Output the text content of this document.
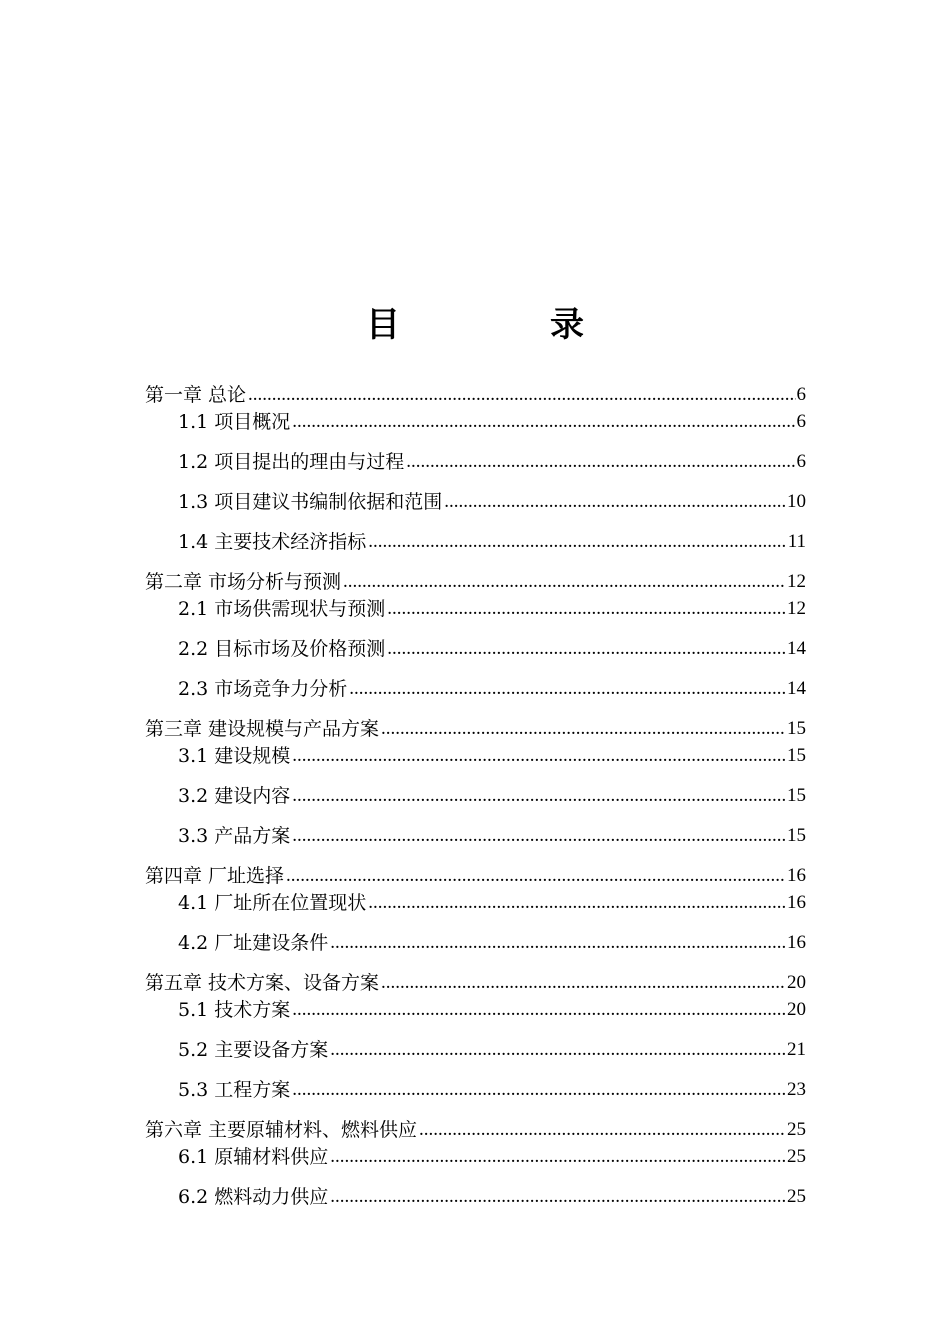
目　录
第一章 总论 .....	6
1.1 项目概况 .....	6
1.2 项目提出的理由与过程 .....	6
1.3 项目建议书编制依据和范围 .....	10
1.4 主要技术经济指标 .....	11
第二章 市场分析与预测 .....	12
2.1 市场供需现状与预测 .....	12
2.2 目标市场及价格预测 .....	14
2.3 市场竞争力分析 .....	14
第三章 建设规模与产品方案 .....	15
3.1 建设规模 .....	15
3.2 建设内容 .....	15
3.3 产品方案 .....	15
第四章 厂址选择 .....	16
4.1 厂址所在位置现状 .....	16
4.2 厂址建设条件 .....	16
第五章 技术方案、设备方案 .....	20
5.1 技术方案 .....	20
5.2 主要设备方案 .....	21
5.3 工程方案 .....	23
第六章 主要原辅材料、燃料供应 .....	25
6.1 原辅材料供应 .....	25
6.2 燃料动力供应 .....	25
